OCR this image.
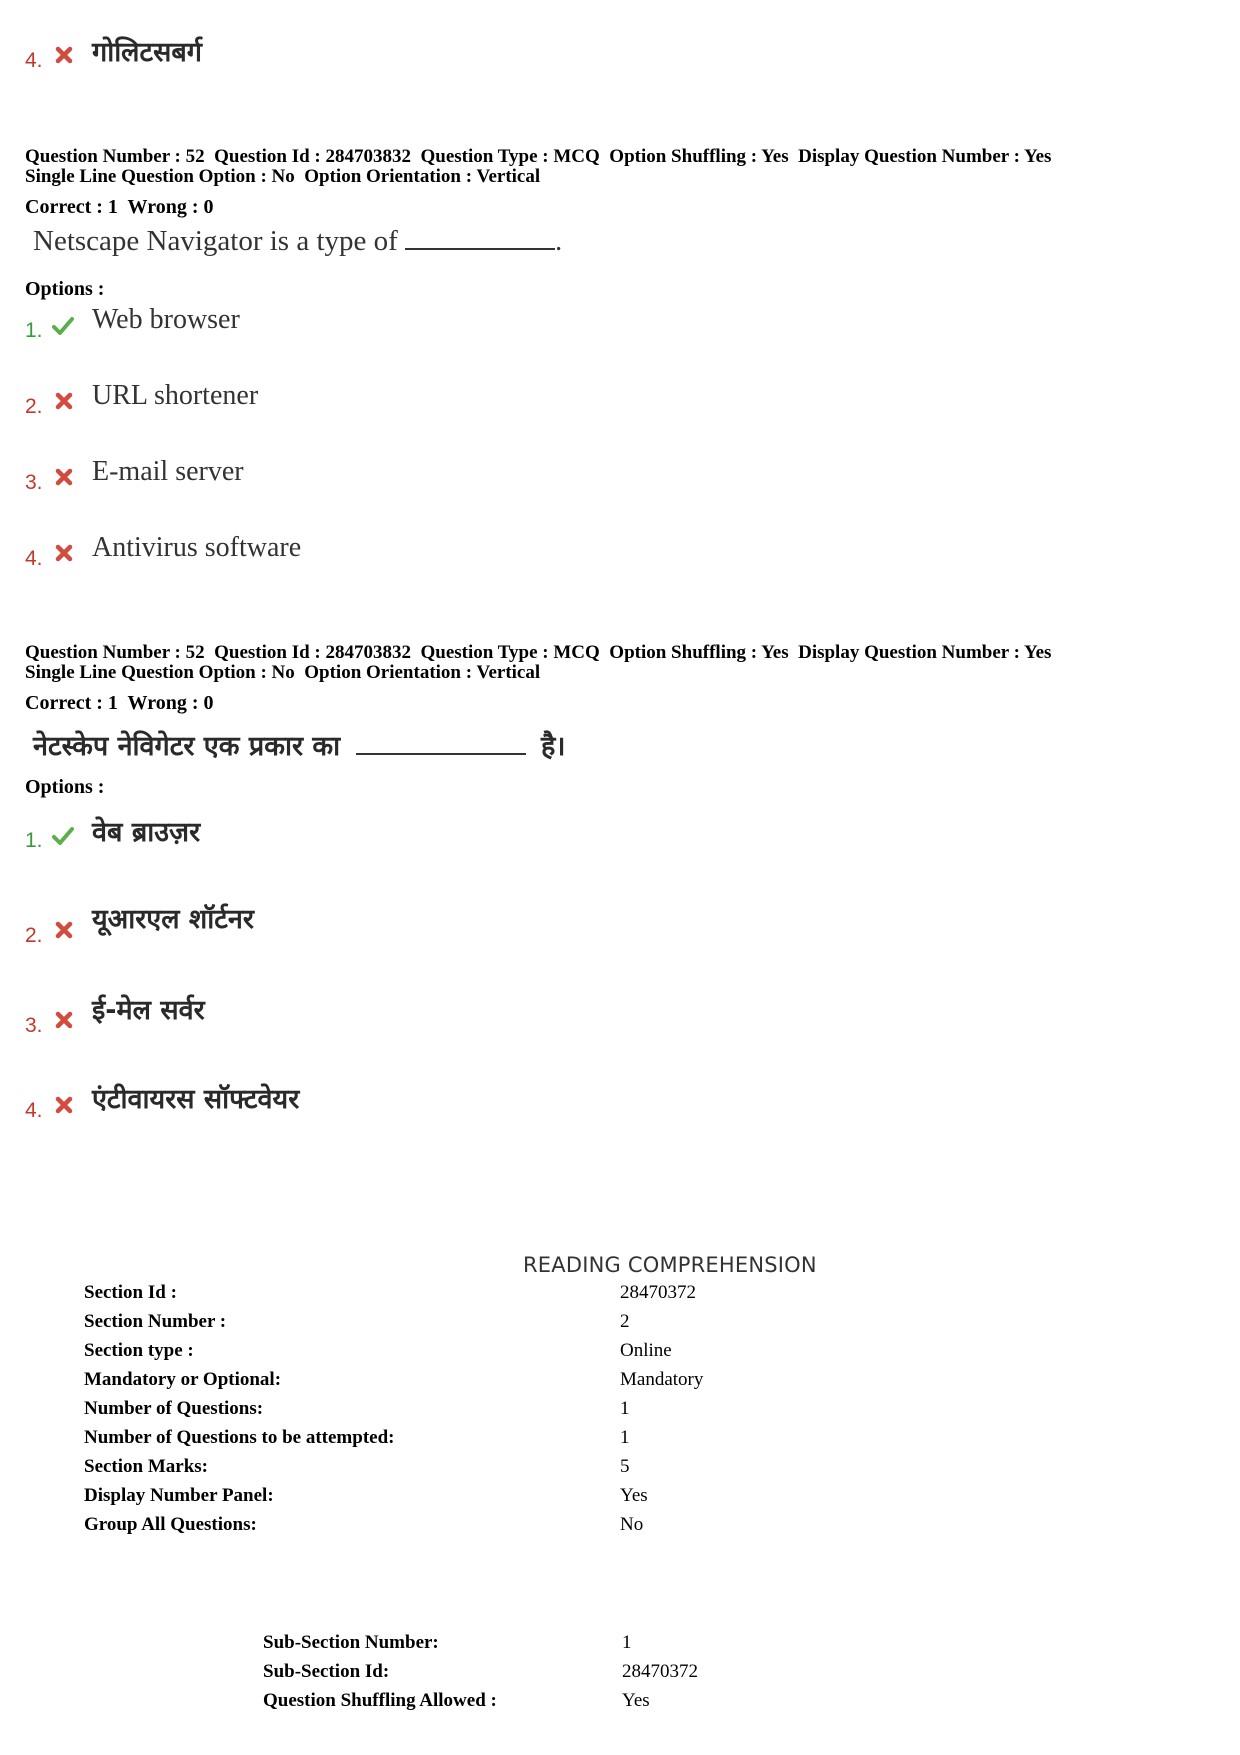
4. गोलिटसबर्ग
Question Number : 52  Question Id : 284703832  Question Type : MCQ  Option Shuffling : Yes  Display Question Number : Yes
Single Line Question Option : No  Option Orientation : Vertical
Correct : 1  Wrong : 0
Netscape Navigator is a type of	.
Options :
1. Web browser
2. URL shortener
3. E-mail server
4. Antivirus software
Question Number : 52  Question Id : 284703832  Question Type : MCQ  Option Shuffling : Yes  Display Question Number : Yes
Single Line Question Option : No  Option Orientation : Vertical
Correct : 1  Wrong : 0
नेटस्केप नेविगेटर एक प्रकार का	है।
Options :
1. वेब ब्राउज़र
2.
यूआरएल शॉर्टनर
3. ई-मेल सर्वर
4. एंटीवायरस सॉफ्टवेयर
READING COMPREHENSION
Section Id :	28470372
Section Number :	2
Section type :	Online
Mandatory or Optional:	Mandatory
Number of Questions:	1
Number of Questions to be attempted:	1
Section Marks:	5
Display Number Panel:	Yes
Group All Questions:	No
Sub-Section Number:	1
Sub-Section Id:	28470372
Question Shuffling Allowed :	Yes
